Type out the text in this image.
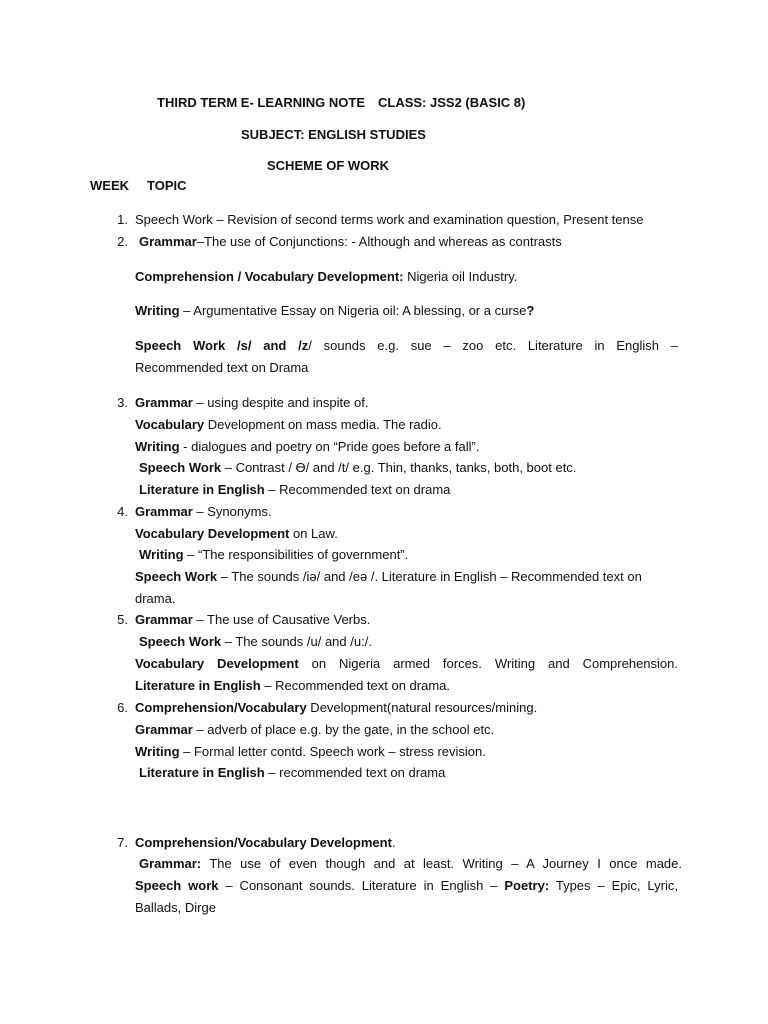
THIRD TERM E- LEARNING NOTE CLASS: JSS2 (BASIC 8)
SUBJECT: ENGLISH STUDIES
SCHEME OF WORK
WEEK TOPIC
1. Speech Work – Revision of second terms work and examination question, Present tense
2. Grammar–The use of Conjunctions: - Although and whereas as contrasts
Comprehension / Vocabulary Development: Nigeria oil Industry.
Writing – Argumentative Essay on Nigeria oil: A blessing, or a curse?
Speech Work /s/ and /z/ sounds e.g. sue – zoo etc. Literature in English –
Recommended text on Drama
3. Grammar – using despite and inspite of.
Vocabulary Development on mass media. The radio.
Writing - dialogues and poetry on “Pride goes before a fall”.
Speech Work – Contrast / Ө/ and /t/ e.g. Thin, thanks, tanks, both, boot etc.
Literature in English – Recommended text on drama
4. Grammar – Synonyms.
Vocabulary Development on Law.
Writing – “The responsibilities of government”.
Speech Work – The sounds /iə/ and /eə /. Literature in English – Recommended text on
drama.
5. Grammar – The use of Causative Verbs.
Speech Work – The sounds /u/ and /u:/.
Vocabulary Development on Nigeria armed forces. Writing and Comprehension.
Literature in English – Recommended text on drama.
6. Comprehension/Vocabulary Development(natural resources/mining.
Grammar – adverb of place e.g. by the gate, in the school etc.
Writing – Formal letter contd. Speech work – stress revision.
Literature in English – recommended text on drama
7. Comprehension/Vocabulary Development.
Grammar: The use of even though and at least. Writing – A Journey I once made.
Speech work – Consonant sounds. Literature in English – Poetry: Types – Epic, Lyric,
Ballads, Dirge
